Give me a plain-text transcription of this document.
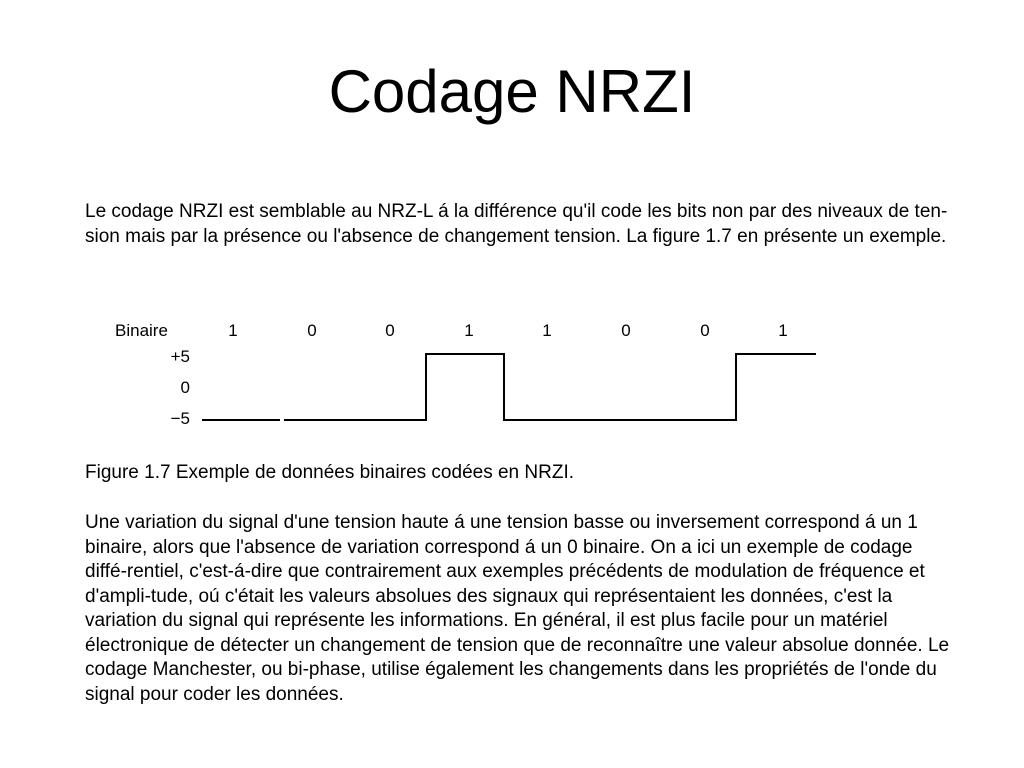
Codage NRZI

Le codage NRZI est semblable au NRZ-L á la différence qu'il code les bits non par des niveaux de ten-sion mais par la présence ou l'absence de changement tension. La figure 1.7 en présente un exemple.

Binaire	1	0	0	1	1	0	0	1
+5
0
−5

Figure 1.7 Exemple de données binaires codées en NRZI.

Une variation du signal d'une tension haute á une tension basse ou inversement correspond á un 1 binaire, alors que l'absence de variation correspond á un 0 binaire. On a ici un exemple de codage diffé-rentiel, c'est-á-dire que contrairement aux exemples précédents de modulation de fréquence et d'ampli-tude, oú c'était les valeurs absolues des signaux qui représentaient les données, c'est la variation du signal qui représente les informations. En général, il est plus facile pour un matériel électronique de détecter un changement de tension que de reconnaître une valeur absolue donnée. Le codage Manchester, ou bi-phase, utilise également les changements dans les propriétés de l'onde du signal pour coder les données.
